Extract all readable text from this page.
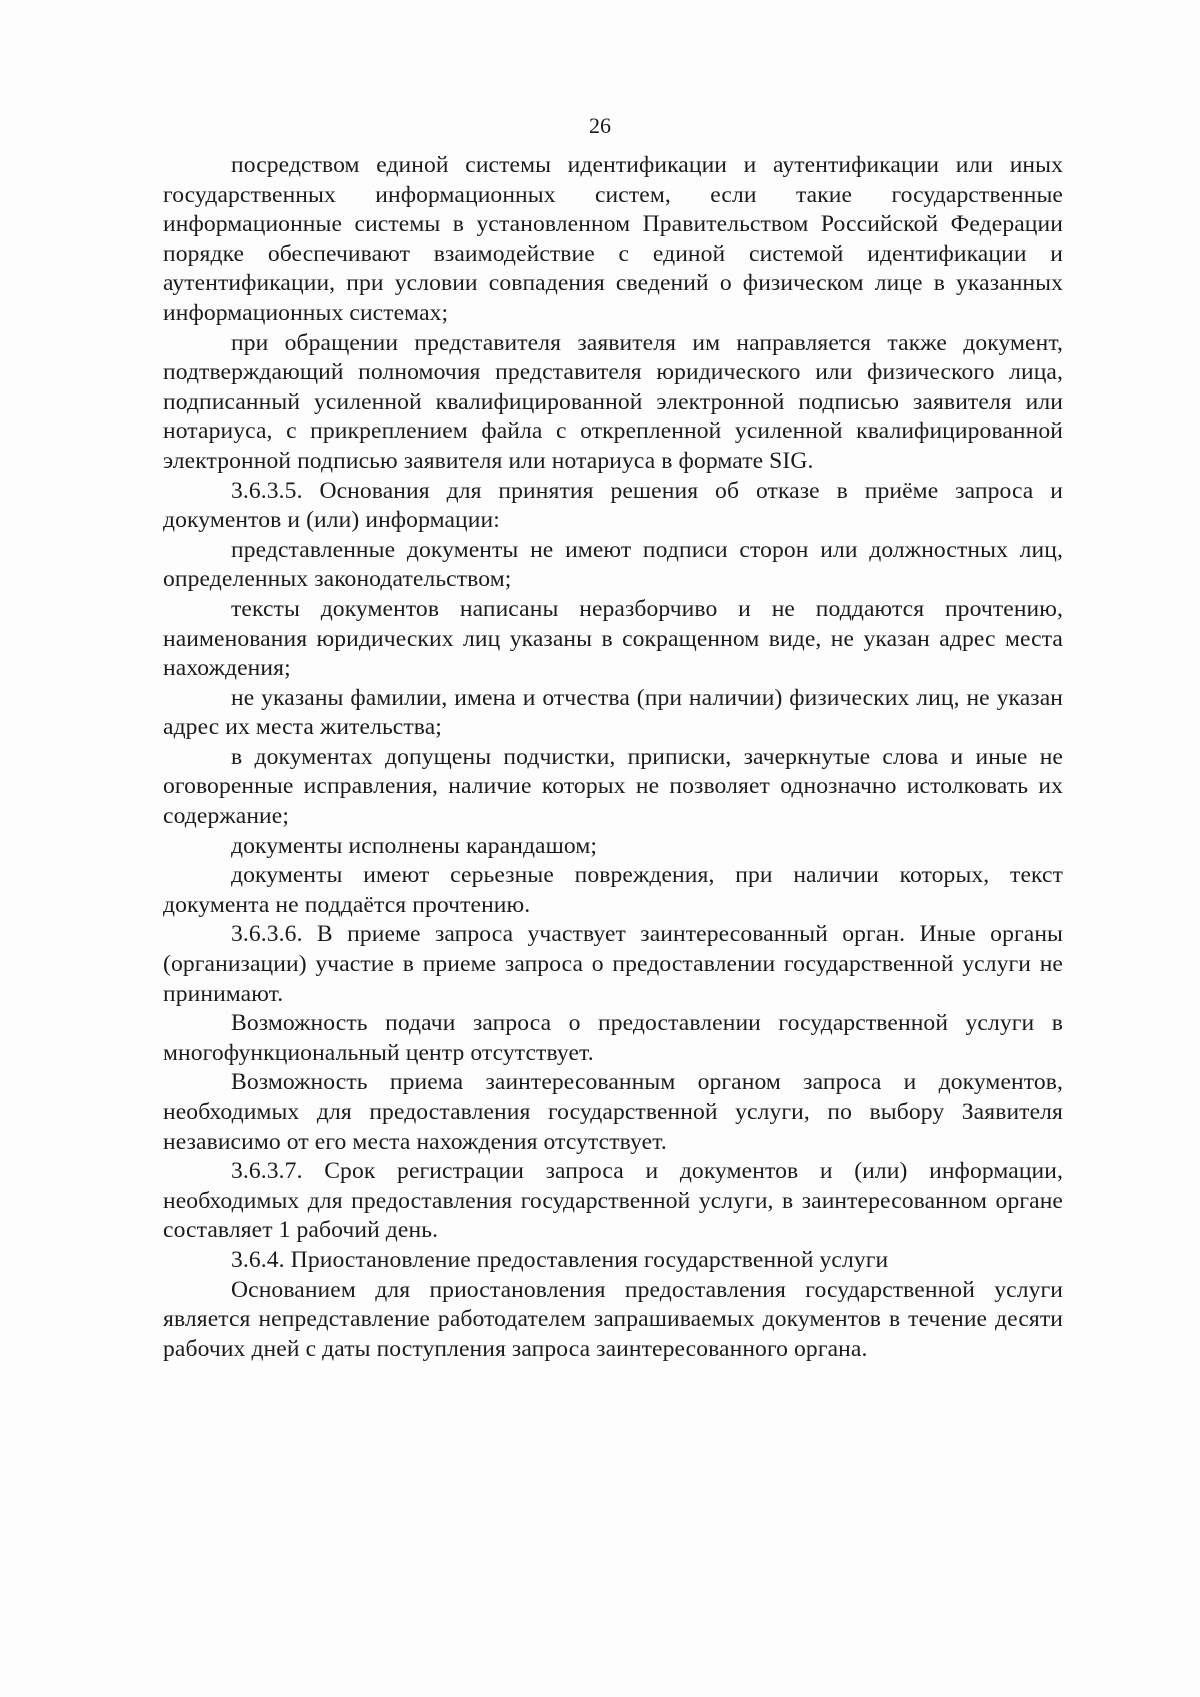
26

посредством единой системы идентификации и аутентификации или иных государственных информационных систем, если такие государственные информационные системы в установленном Правительством Российской Федерации порядке обеспечивают взаимодействие с единой системой идентификации и аутентификации, при условии совпадения сведений о физическом лице в указанных информационных системах;

при обращении представителя заявителя им направляется также документ, подтверждающий полномочия представителя юридического или физического лица, подписанный усиленной квалифицированной электронной подписью заявителя или нотариуса, с прикреплением файла с открепленной усиленной квалифицированной электронной подписью заявителя или нотариуса в формате SIG.

3.6.3.5. Основания для принятия решения об отказе в приёме запроса и документов и (или) информации:

представленные документы не имеют подписи сторон или должностных лиц, определенных законодательством;

тексты документов написаны неразборчиво и не поддаются прочтению, наименования юридических лиц указаны в сокращенном виде, не указан адрес места нахождения;

не указаны фамилии, имена и отчества (при наличии) физических лиц, не указан адрес их места жительства;

в документах допущены подчистки, приписки, зачеркнутые слова и иные не оговоренные исправления, наличие которых не позволяет однозначно истолковать их содержание;

документы исполнены карандашом;

документы имеют серьезные повреждения, при наличии которых, текст документа не поддаётся прочтению.

3.6.3.6. В приеме запроса участвует заинтересованный орган. Иные органы (организации) участие в приеме запроса о предоставлении государственной услуги не принимают.

Возможность подачи запроса о предоставлении государственной услуги в многофункциональный центр отсутствует.

Возможность приема заинтересованным органом запроса и документов, необходимых для предоставления государственной услуги, по выбору Заявителя независимо от его места нахождения отсутствует.

3.6.3.7. Срок регистрации запроса и документов и (или) информации, необходимых для предоставления государственной услуги, в заинтересованном органе составляет 1 рабочий день.

3.6.4. Приостановление предоставления государственной услуги

Основанием для приостановления предоставления государственной услуги является непредставление работодателем запрашиваемых документов в течение десяти рабочих дней с даты поступления запроса заинтересованного органа.
